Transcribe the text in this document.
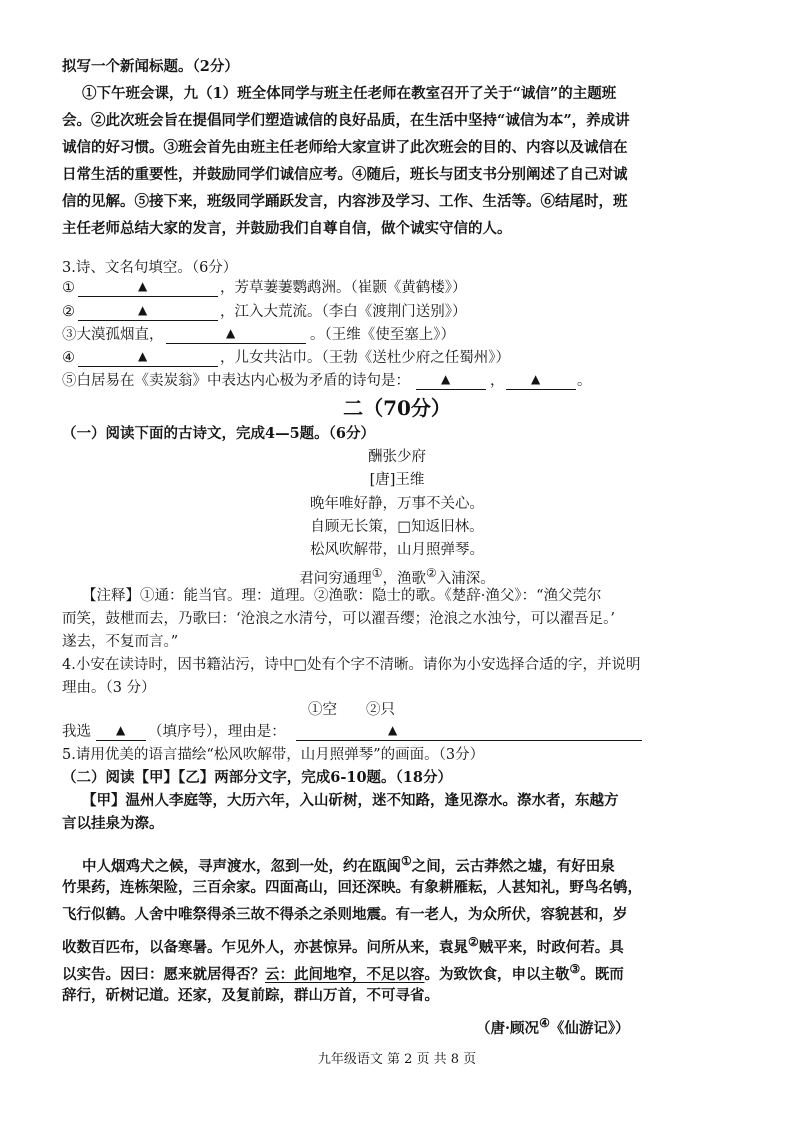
拟写一个新闻标题。（2分）
①下午班会课，九（1）班全体同学与班主任老师在教室召开了关于“诚信”的主题班
会。②此次班会旨在提倡同学们塑造诚信的良好品质，在生活中坚持“诚信为本”，养成讲
诚信的好习惯。③班会首先由班主任老师给大家宣讲了此次班会的目的、内容以及诚信在
日常生活的重要性，并鼓励同学们诚信应考。④随后，班长与团支书分别阐述了自己对诚
信的见解。⑤接下来，班级同学踊跃发言，内容涉及学习、工作、生活等。⑥结尾时，班
主任老师总结大家的发言，并鼓励我们自尊自信，做个诚实守信的人。
3.诗、文名句填空。（6分）
①	▲	，芳草萋萋鹦鹉洲。（崔颢《黄鹤楼》）
②	▲	，江入大荒流。（李白《渡荆门送别》）
③大漠孤烟直，	▲	。（王维《使至塞上》）
④	▲	，儿女共沾巾。（王勃《送杜少府之任蜀州》）
⑤白居易在《卖炭翁》中表达内心极为矛盾的诗句是：	▲	， ▲	。
二（70分）
（一）阅读下面的古诗文，完成4—5题。（6分）
酬张少府
[唐]王维
晚年唯好静，万事不关心。
自顾无长策，□知返旧林。
松风吹解带，山月照弹琴。
君问穷通理①，渔歌②入浦深。
【注释】①通：能当官。理：道理。②渔歌：隐士的歌。《楚辞·渔父》：“渔父莞尔
而笑，鼓枻而去，乃歌曰：‘沧浪之水清兮，可以濯吾缨；沧浪之水浊兮，可以濯吾足。’
遂去，不复而言。”
4.小安在读诗时，因书籍沾污，诗中□处有个字不清晰。请你为小安选择合适的字，并说明
理由。（3 分）
①空 ②只
我选 ▲ （填序号），理由是：	▲
5.请用优美的语言描绘“松风吹解带，山月照弹琴”的画面。（3分）
（二）阅读【甲】【乙】两部分文字，完成6-10题。（18分）
【甲】温州人李庭等，大历六年，入山斫树，迷不知路，逢见漈水。漈水者，东越方
言以挂泉为漈。
中人烟鸡犬之候，寻声渡水，忽到一处，约在瓯闽①之间，云古莽然之墟，有好田泉
竹果药，连栋架险，三百余家。四面高山，回还深映。有象耕雁耘，人甚知礼，野鸟名鸲，
飞行似鹤。人舍中唯祭得杀三故不得杀之杀则地震。有一老人，为众所伏，容貌甚和，岁
收数百匹布，以备寒暑。乍见外人，亦甚惊异。问所从来，袁晁②贼平来，时政何若。具
以实告。因曰：愿来就居得否？云：此间地窄，不足以容。为致饮食，申以主敬③。既而
辞行，斫树记道。还家，及复前踪，群山万首，不可寻省。
（唐·顾况④《仙游记》）
九年级语文 第 2 页 共 8 页
